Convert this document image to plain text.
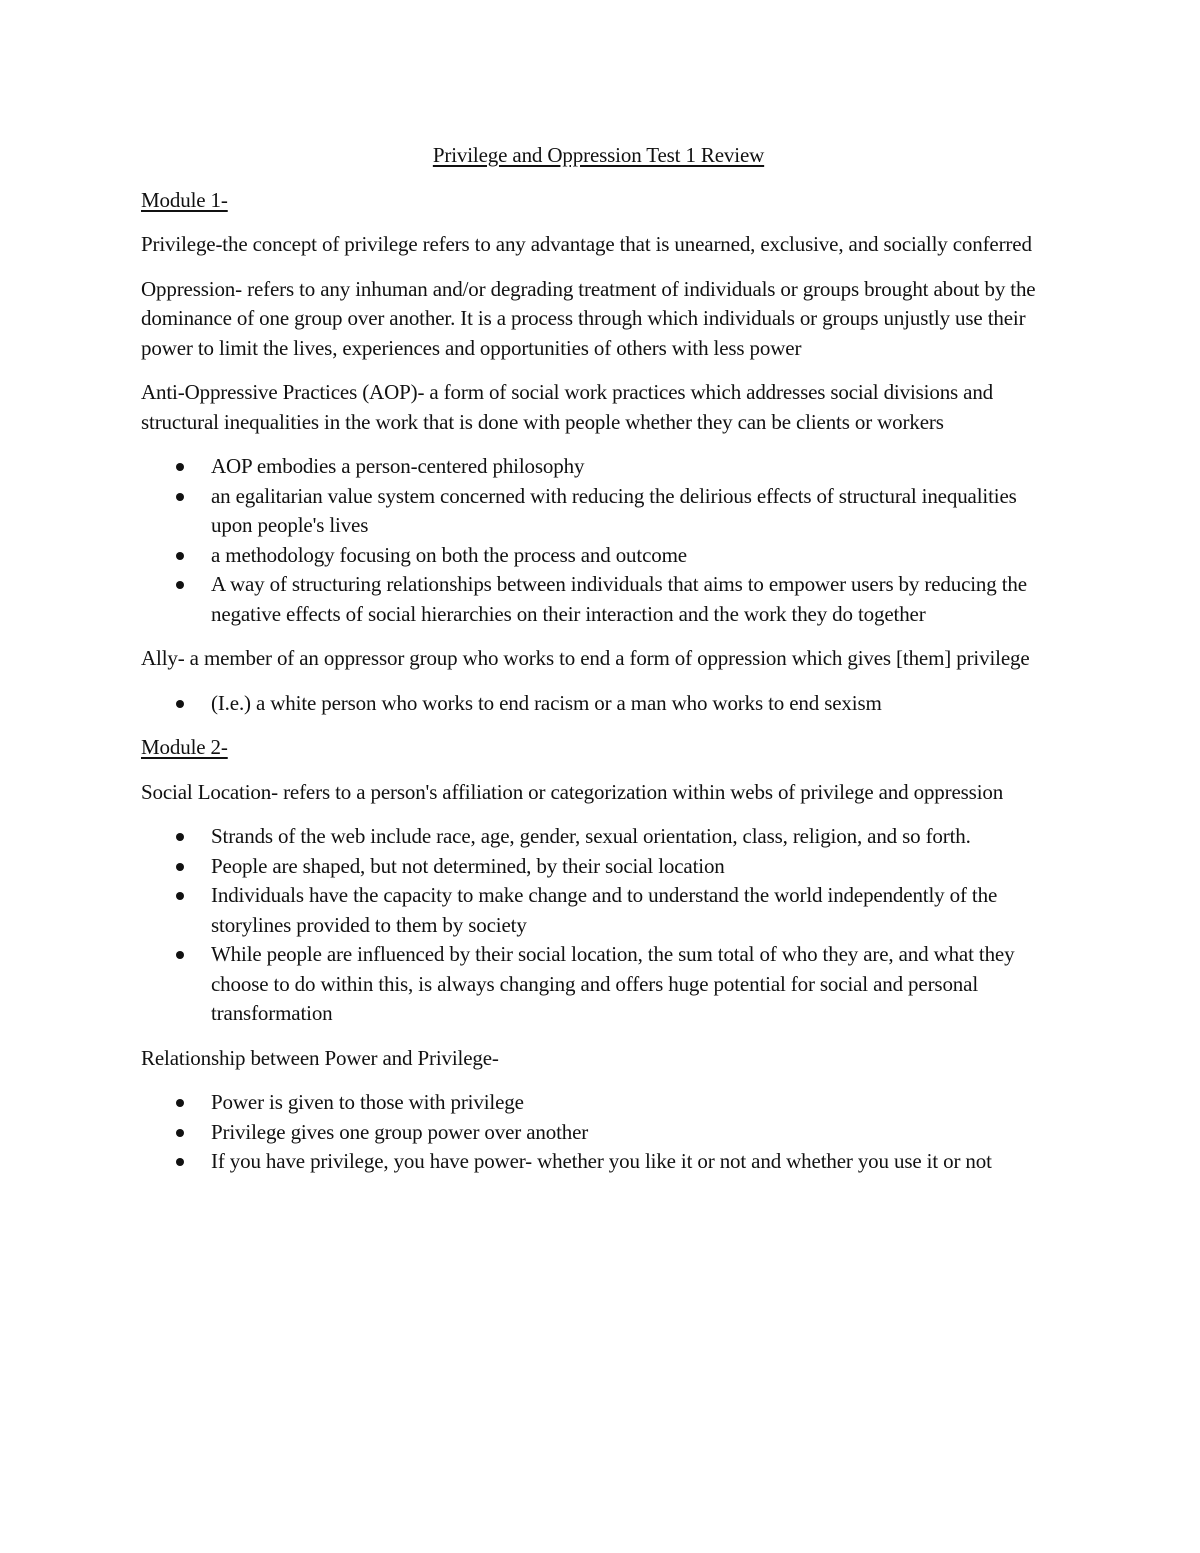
Privilege and Oppression Test 1 Review
Module 1-

Privilege-the concept of privilege refers to any advantage that is unearned, exclusive, and socially conferred

Oppression- refers to any inhuman and/or degrading treatment of individuals or groups brought about by the dominance of one group over another. It is a process through which individuals or groups unjustly use their power to limit the lives, experiences and opportunities of others with less power

Anti-Oppressive Practices (AOP)- a form of social work practices which addresses social divisions and structural inequalities in the work that is done with people whether they can be clients or workers

AOP embodies a person-centered philosophy
an egalitarian value system concerned with reducing the delirious effects of structural inequalities upon people's lives
a methodology focusing on both the process and outcome
A way of structuring relationships between individuals that aims to empower users by reducing the negative effects of social hierarchies on their interaction and the work they do together

Ally- a member of an oppressor group who works to end a form of oppression which gives [them] privilege

(I.e.) a white person who works to end racism or a man who works to end sexism
Module 2-

Social Location- refers to a person's affiliation or categorization within webs of privilege and oppression

Strands of the web include race, age, gender, sexual orientation, class, religion, and so forth.
People are shaped, but not determined, by their social location
Individuals have the capacity to make change and to understand the world independently of the storylines provided to them by society
While people are influenced by their social location, the sum total of who they are, and what they choose to do within this, is always changing and offers huge potential for social and personal transformation

Relationship between Power and Privilege-

Power is given to those with privilege
Privilege gives one group power over another
If you have privilege, you have power- whether you like it or not and whether you use it or not
